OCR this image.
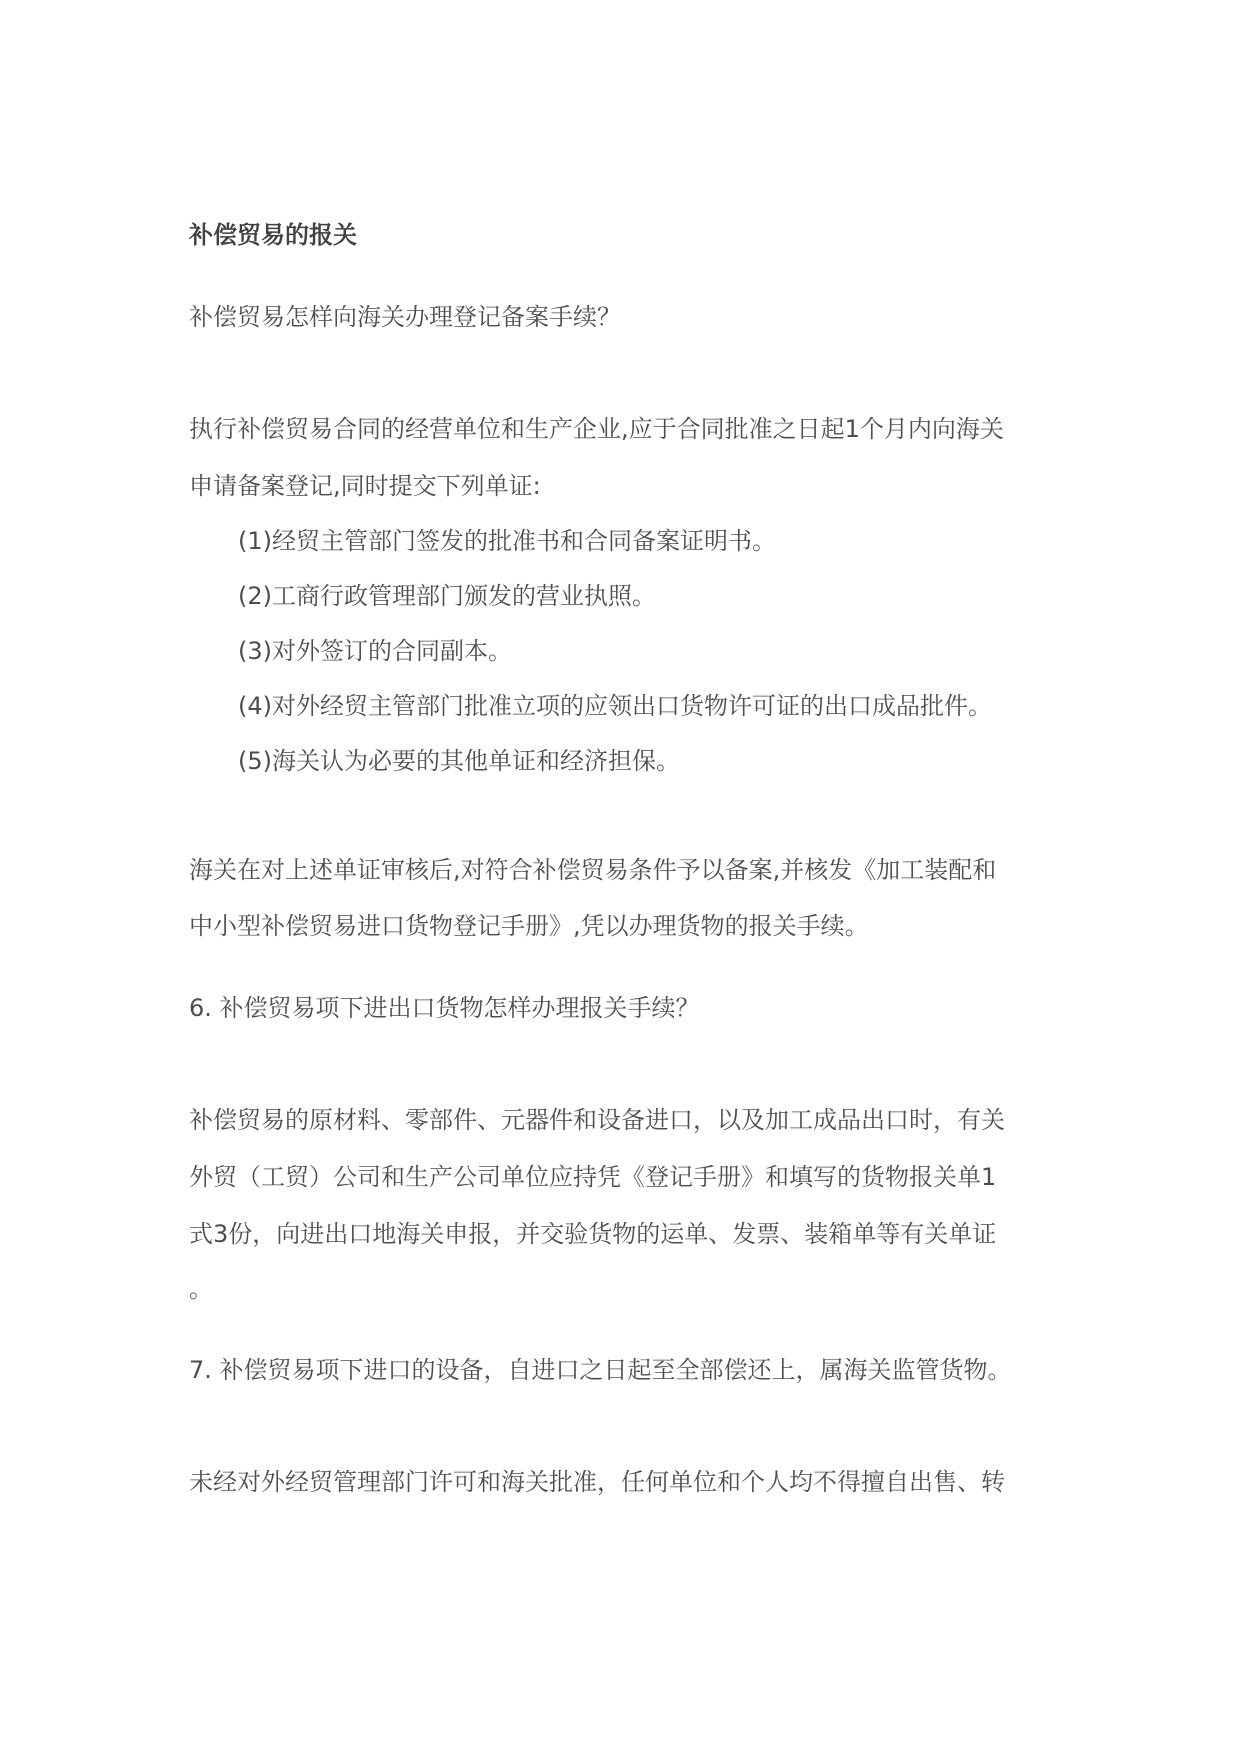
补偿贸易的报关
补偿贸易怎样向海关办理登记备案手续？
执行补偿贸易合同的经营单位和生产企业,应于合同批准之日起1个月内向海关
申请备案登记,同时提交下列单证:
(1)经贸主管部门签发的批准书和合同备案证明书。
(2)工商行政管理部门颁发的营业执照。
(3)对外签订的合同副本。
(4)对外经贸主管部门批准立项的应领出口货物许可证的出口成品批件。
(5)海关认为必要的其他单证和经济担保。
海关在对上述单证审核后,对符合补偿贸易条件予以备案,并核发《加工装配和
中小型补偿贸易进口货物登记手册》,凭以办理货物的报关手续。
6. 补偿贸易项下进出口货物怎样办理报关手续？
补偿贸易的原材料、零部件、元器件和设备进口，以及加工成品出口时，有关
外贸（工贸）公司和生产公司单位应持凭《登记手册》和填写的货物报关单1
式3份，向进出口地海关申报，并交验货物的运单、发票、装箱单等有关单证
。
7. 补偿贸易项下进口的设备，自进口之日起至全部偿还上，属海关监管货物。
未经对外经贸管理部门许可和海关批准，任何单位和个人均不得擅自出售、转
